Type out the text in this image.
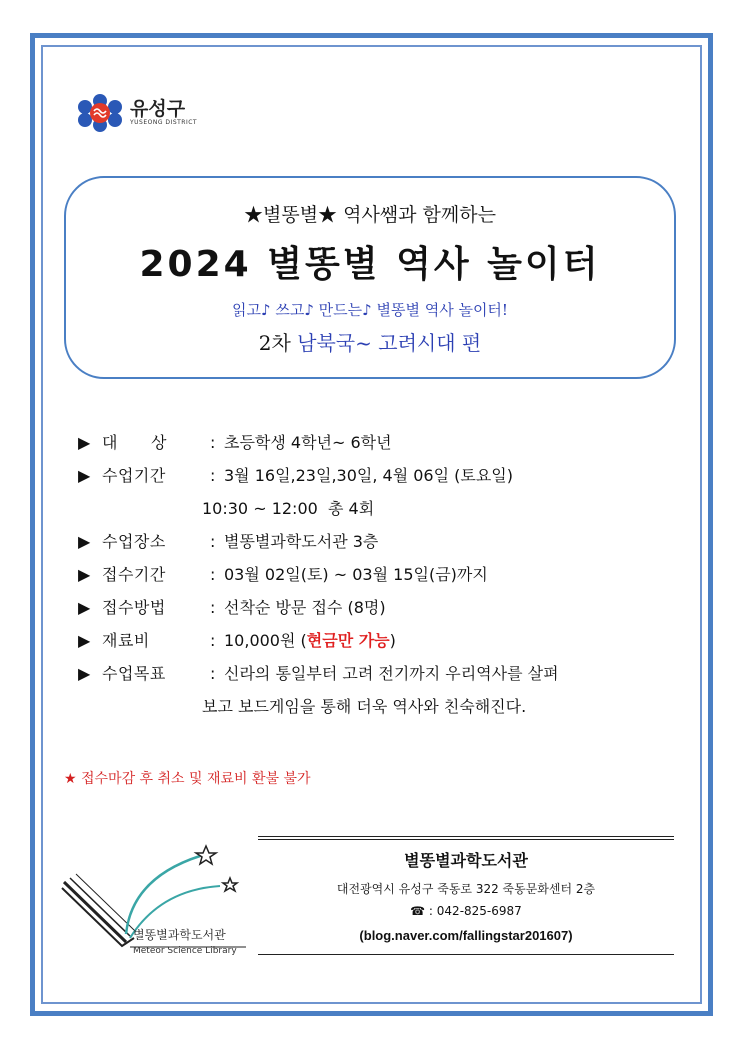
유성구
YUSEONG DISTRICT
★별똥별★ 역사쌤과 함께하는
2024 별똥별 역사 놀이터
읽고♪ 쓰고♪ 만드는♪ 별똥별 역사 놀이터!
2차 남북국~ 고려시대 편
▶ 대　　상	: 초등학생 4학년~ 6학년
▶ 수업기간	: 3월 16일,23일,30일, 4월 06일 (토요일)
10:30 ~ 12:00  총 4회
▶ 수업장소	: 별똥별과학도서관 3층
▶ 접수기간	: 03월 02일(토) ~ 03월 15일(금)까지
▶ 접수방법	: 선착순 방문 접수 (8명)
▶ 재료비	: 10,000원 (현금만 가능)
▶ 수업목표	: 신라의 통일부터 고려 전기까지 우리역사를 살펴
보고 보드게임을 통해 더욱 역사와 친숙해진다.
★ 접수마감 후 취소 및 재료비 환불 불가
별똥별과학도서관
Meteor Science Library
별똥별과학도서관
대전광역시 유성구 죽동로 322 죽동문화센터 2층
☎ : 042-825-6987
(blog.naver.com/fallingstar201607)
